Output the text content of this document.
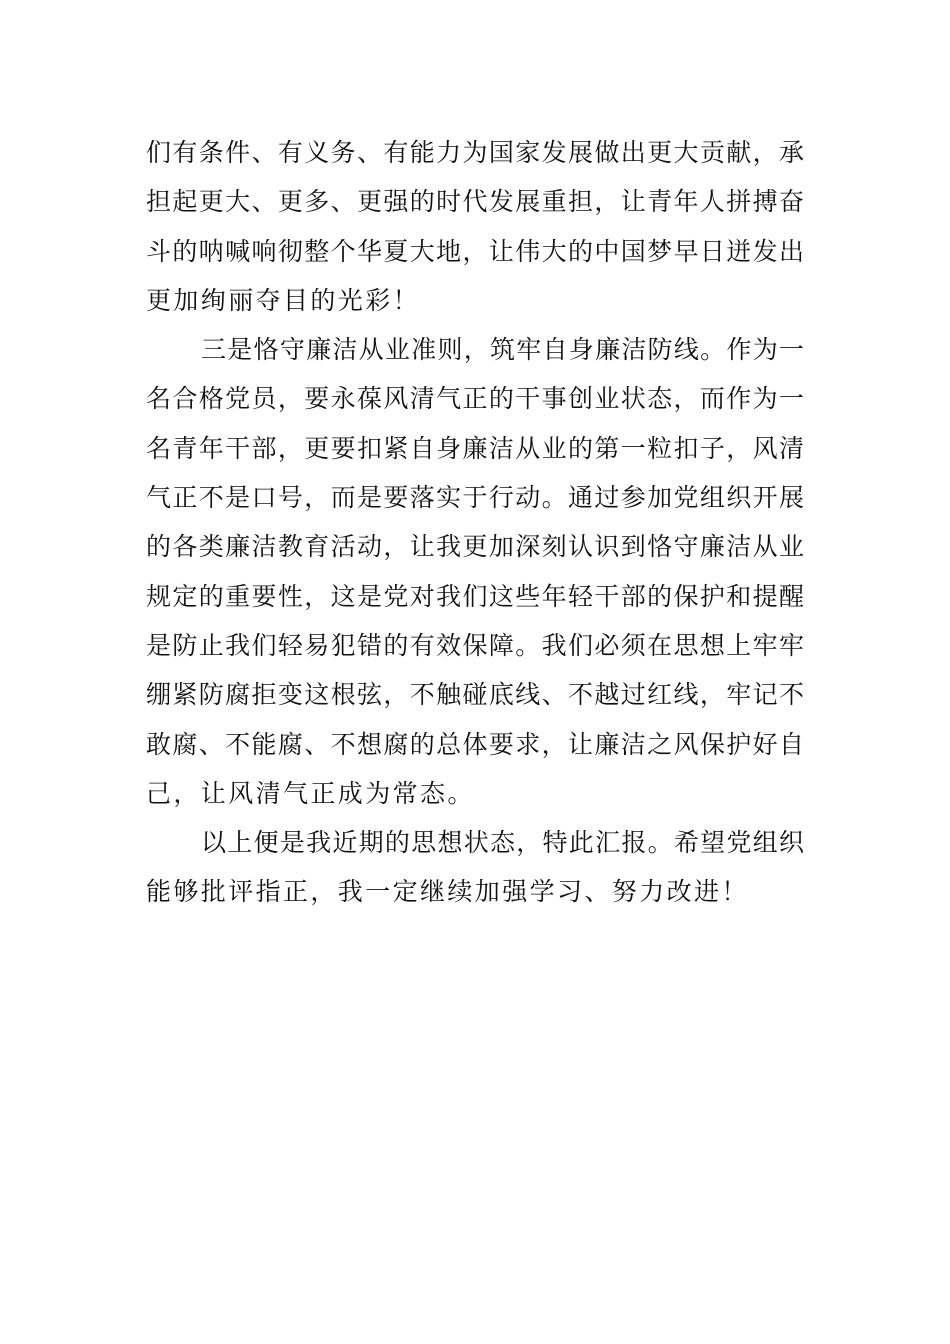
们有条件、有义务、有能力为国家发展做出更大贡献，承
担起更大、更多、更强的时代发展重担，让青年人拼搏奋
斗的呐喊响彻整个华夏大地，让伟大的中国梦早日迸发出
更加绚丽夺目的光彩！
三是恪守廉洁从业准则，筑牢自身廉洁防线。作为一
名合格党员，要永葆风清气正的干事创业状态，而作为一
名青年干部，更要扣紧自身廉洁从业的第一粒扣子，风清
气正不是口号，而是要落实于行动。通过参加党组织开展
的各类廉洁教育活动，让我更加深刻认识到恪守廉洁从业
规定的重要性，这是党对我们这些年轻干部的保护和提醒
是防止我们轻易犯错的有效保障。我们必须在思想上牢牢
绷紧防腐拒变这根弦，不触碰底线、不越过红线，牢记不
敢腐、不能腐、不想腐的总体要求，让廉洁之风保护好自
己，让风清气正成为常态。
以上便是我近期的思想状态，特此汇报。希望党组织
能够批评指正，我一定继续加强学习、努力改进！
